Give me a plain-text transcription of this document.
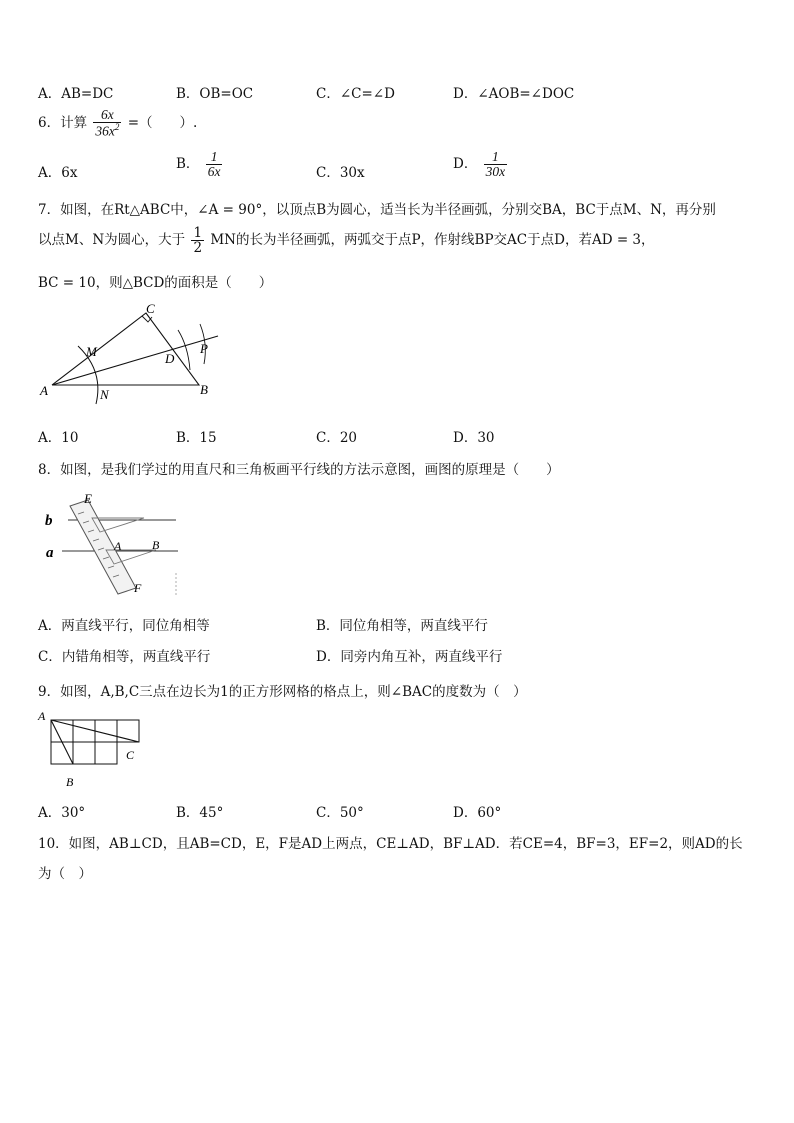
A．AB=DC	B．OB=OC	C．∠C=∠D	D．∠AOB=∠DOC
6．计算 $\frac{6x}{36x^2}$ =（　　）.
A．6x
B． $\frac{1}{6x}$	C．30x
D． $\frac{1}{30x}$
7．如图，在Rt△ABC中，∠A = 90°，以顶点B为圆心，适当长为半径画弧，分别交BA，BC于点M、N，再分别
以点M、N为圆心，大于 $\frac{1}{2}$ MN的长为半径画弧，两弧交于点P，作射线BP交AC于点D，若AD = 3，
BC = 10，则△BCD的面积是（　　）
C
M	D
P
A	N	B
A．10	B．15	C．20	D．30
8．如图，是我们学过的用直尺和三角板画平行线的方法示意图，画图的原理是（　　）
E
b
a	A	B
F
A．两直线平行，同位角相等	B．同位角相等，两直线平行
C．内错角相等，两直线平行	D．同旁内角互补，两直线平行
9．如图，A,B,C三点在边长为1的正方形网格的格点上，则∠BAC的度数为（　）
A
B
C
A．30°	B．45°	C．50°	D．60°
10．如图，AB⊥CD，且AB=CD，E，F是AD上两点，CE⊥AD，BF⊥AD．若CE=4，BF=3，EF=2，则AD的长
为（　）
